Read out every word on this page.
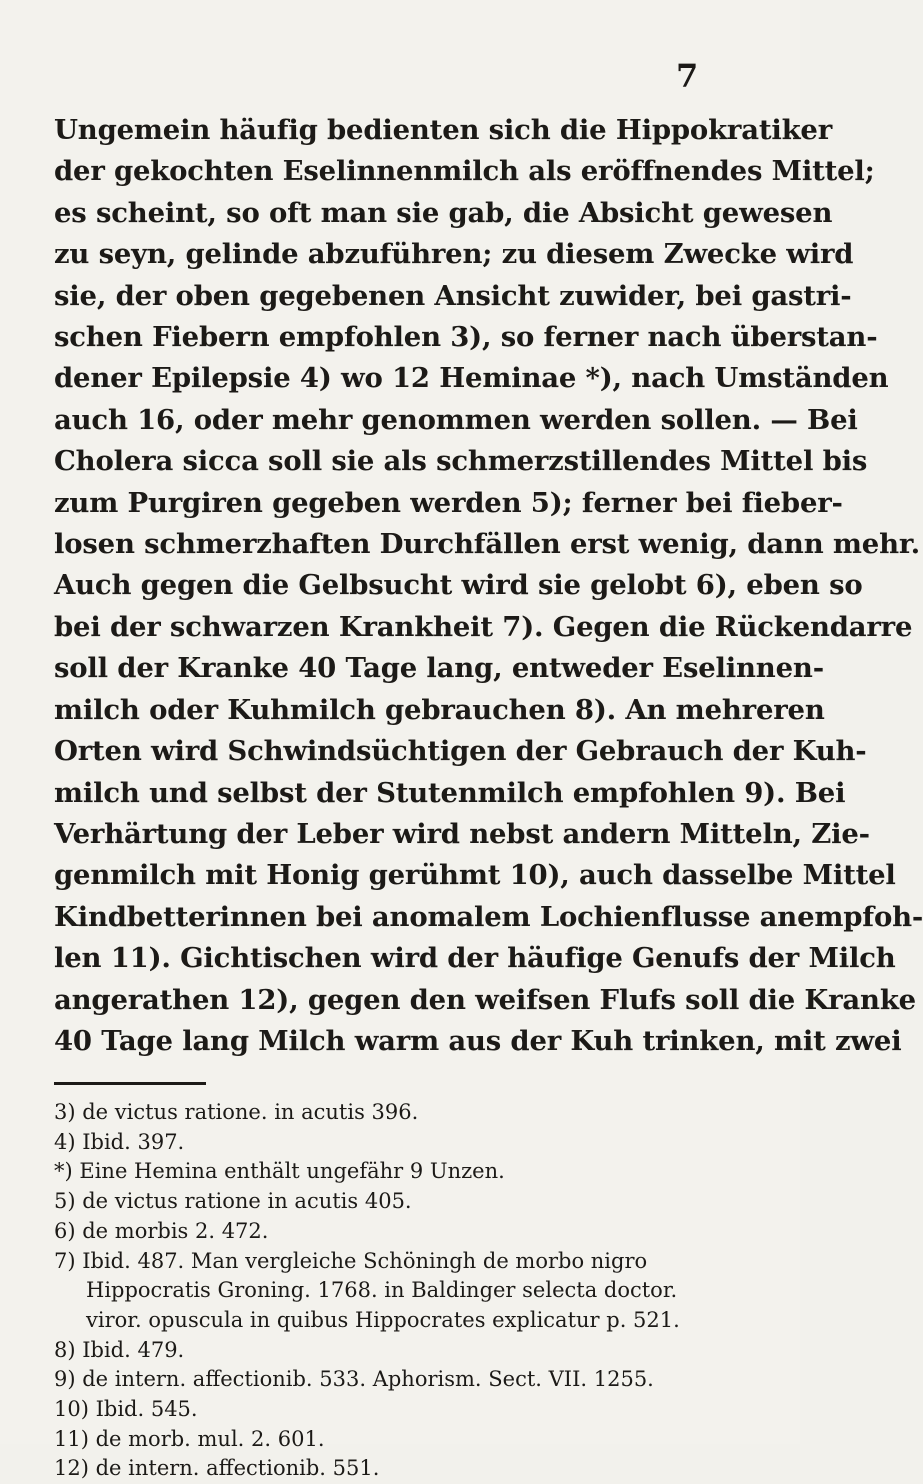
7
Ungemein häufig bedienten sich die Hippokratiker
der gekochten Eselinnenmilch als eröffnendes Mittel;
es scheint, so oft man sie gab, die Absicht gewesen
zu seyn, gelinde abzuführen; zu diesem Zwecke wird
sie, der oben gegebenen Ansicht zuwider, bei gastri-
schen Fiebern empfohlen 3), so ferner nach überstan-
dener Epilepsie 4) wo 12 Heminae *), nach Umständen
auch 16, oder mehr genommen werden sollen. — Bei
Cholera sicca soll sie als schmerzstillendes Mittel bis
zum Purgiren gegeben werden 5); ferner bei fieber-
losen schmerzhaften Durchfällen erst wenig, dann mehr.
Auch gegen die Gelbsucht wird sie gelobt 6), eben so
bei der schwarzen Krankheit 7). Gegen die Rückendarre
soll der Kranke 40 Tage lang, entweder Eselinnen-
milch oder Kuhmilch gebrauchen 8). An mehreren
Orten wird Schwindsüchtigen der Gebrauch der Kuh-
milch und selbst der Stutenmilch empfohlen 9). Bei
Verhärtung der Leber wird nebst andern Mitteln, Zie-
genmilch mit Honig gerühmt 10), auch dasselbe Mittel
Kindbetterinnen bei anomalem Lochienflusse anempfoh-
len 11). Gichtischen wird der häufige Genufs der Milch
angerathen 12), gegen den weifsen Flufs soll die Kranke
40 Tage lang Milch warm aus der Kuh trinken, mit zwei
3) de victus ratione. in acutis 396.
4) Ibid. 397.
*) Eine Hemina enthält ungefähr 9 Unzen.
5) de victus ratione in acutis 405.
6) de morbis 2. 472.
7) Ibid. 487. Man vergleiche Schöningh de morbo nigro
Hippocratis Groning. 1768. in Baldinger selecta doctor.
viror. opuscula in quibus Hippocrates explicatur p. 521.
8) Ibid. 479.
9) de intern. affectionib. 533. Aphorism. Sect. VII. 1255.
10) Ibid. 545.
11) de morb. mul. 2. 601.
12) de intern. affectionib. 551.
